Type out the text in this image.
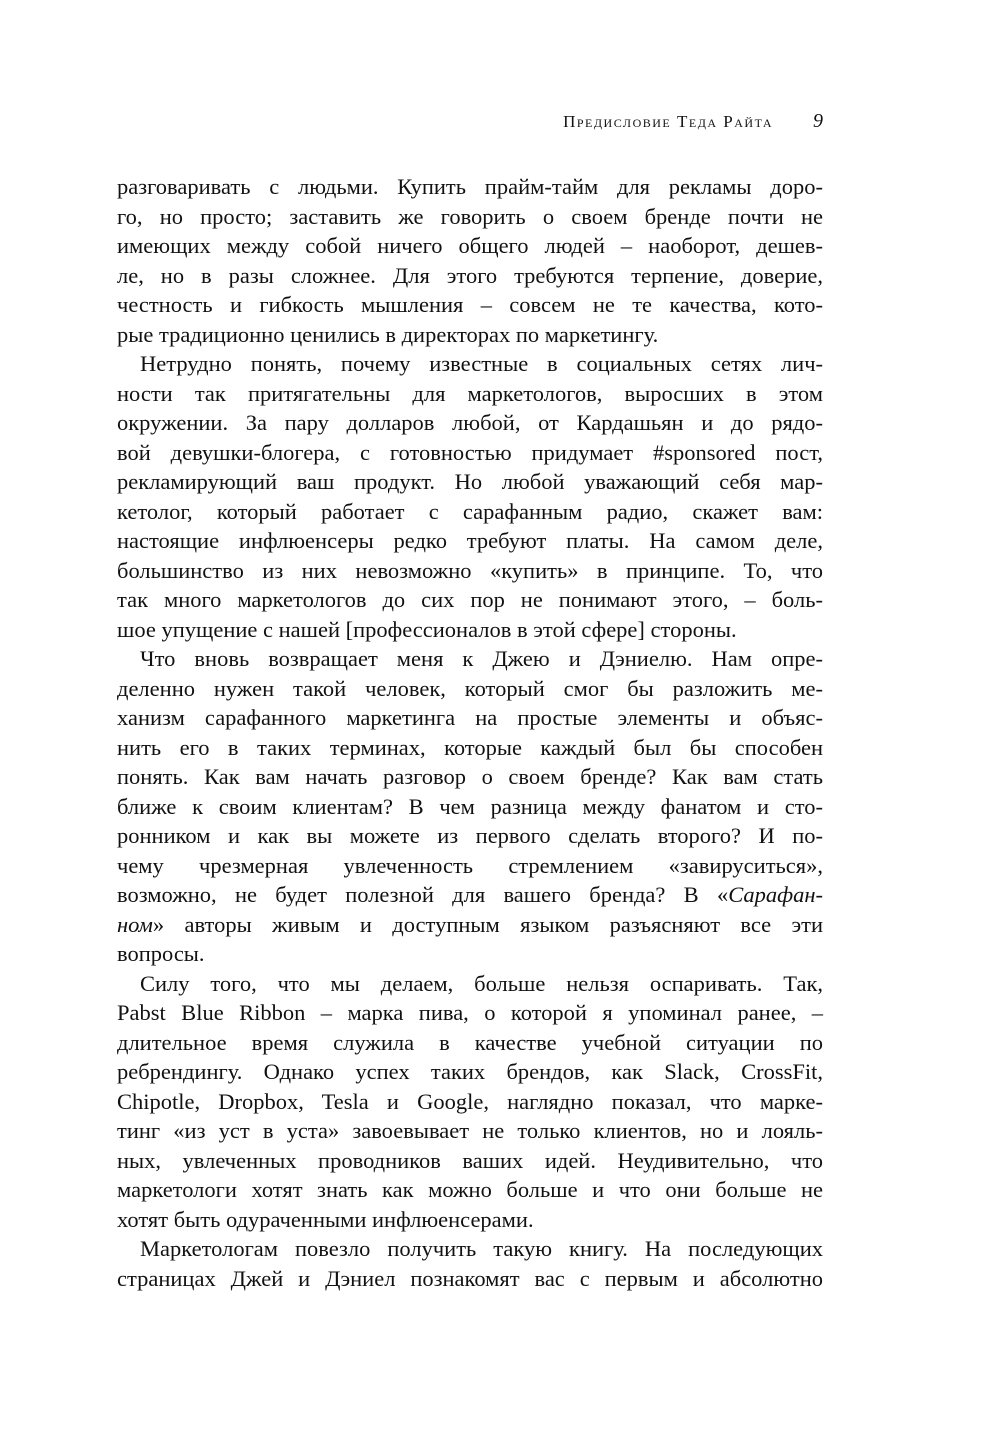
Предисловие Теда Райта 9
разговаривать с людьми. Купить прайм-тайм для рекламы доро-
го, но просто; заставить же говорить о своем бренде почти не
имеющих между собой ничего общего людей – наоборот, дешев-
ле, но в разы сложнее. Для этого требуются терпение, доверие,
честность и гибкость мышления – совсем не те качества, кото-
рые традиционно ценились в директорах по маркетингу.
Нетрудно понять, почему известные в социальных сетях лич-
ности так притягательны для маркетологов, выросших в этом
окружении. За пару долларов любой, от Кардашьян и до рядо-
вой девушки-блогера, с готовностью придумает #sponsored пост,
рекламирующий ваш продукт. Но любой уважающий себя мар-
кетолог, который работает с сарафанным радио, скажет вам:
настоящие инфлюенсеры редко требуют платы. На самом деле,
большинство из них невозможно «купить» в принципе. То, что
так много маркетологов до сих пор не понимают этого, – боль-
шое упущение с нашей [профессионалов в этой сфере] стороны.
Что вновь возвращает меня к Джею и Дэниелю. Нам опре-
деленно нужен такой человек, который смог бы разложить ме-
ханизм сарафанного маркетинга на простые элементы и объяс-
нить его в таких терминах, которые каждый был бы способен
понять. Как вам начать разговор о своем бренде? Как вам стать
ближе к своим клиентам? В чем разница между фанатом и сто-
ронником и как вы можете из первого сделать второго? И по-
чему чрезмерная увлеченность стремлением «завируситься»,
возможно, не будет полезной для вашего бренда? В «Сарафан-
ном» авторы живым и доступным языком разъясняют все эти
вопросы.
Силу того, что мы делаем, больше нельзя оспаривать. Так,
Pabst Blue Ribbon – марка пива, о которой я упоминал ранее, –
длительное время служила в качестве учебной ситуации по
ребрендингу. Однако успех таких брендов, как Slack, CrossFit,
Chipotle, Dropbox, Tesla и Google, наглядно показал, что марке-
тинг «из уст в уста» завоевывает не только клиентов, но и лояль-
ных, увлеченных проводников ваших идей. Неудивительно, что
маркетологи хотят знать как можно больше и что они больше не
хотят быть одураченными инфлюенсерами.
Маркетологам повезло получить такую книгу. На последующих
страницах Джей и Дэниел познакомят вас с первым и абсолютно
